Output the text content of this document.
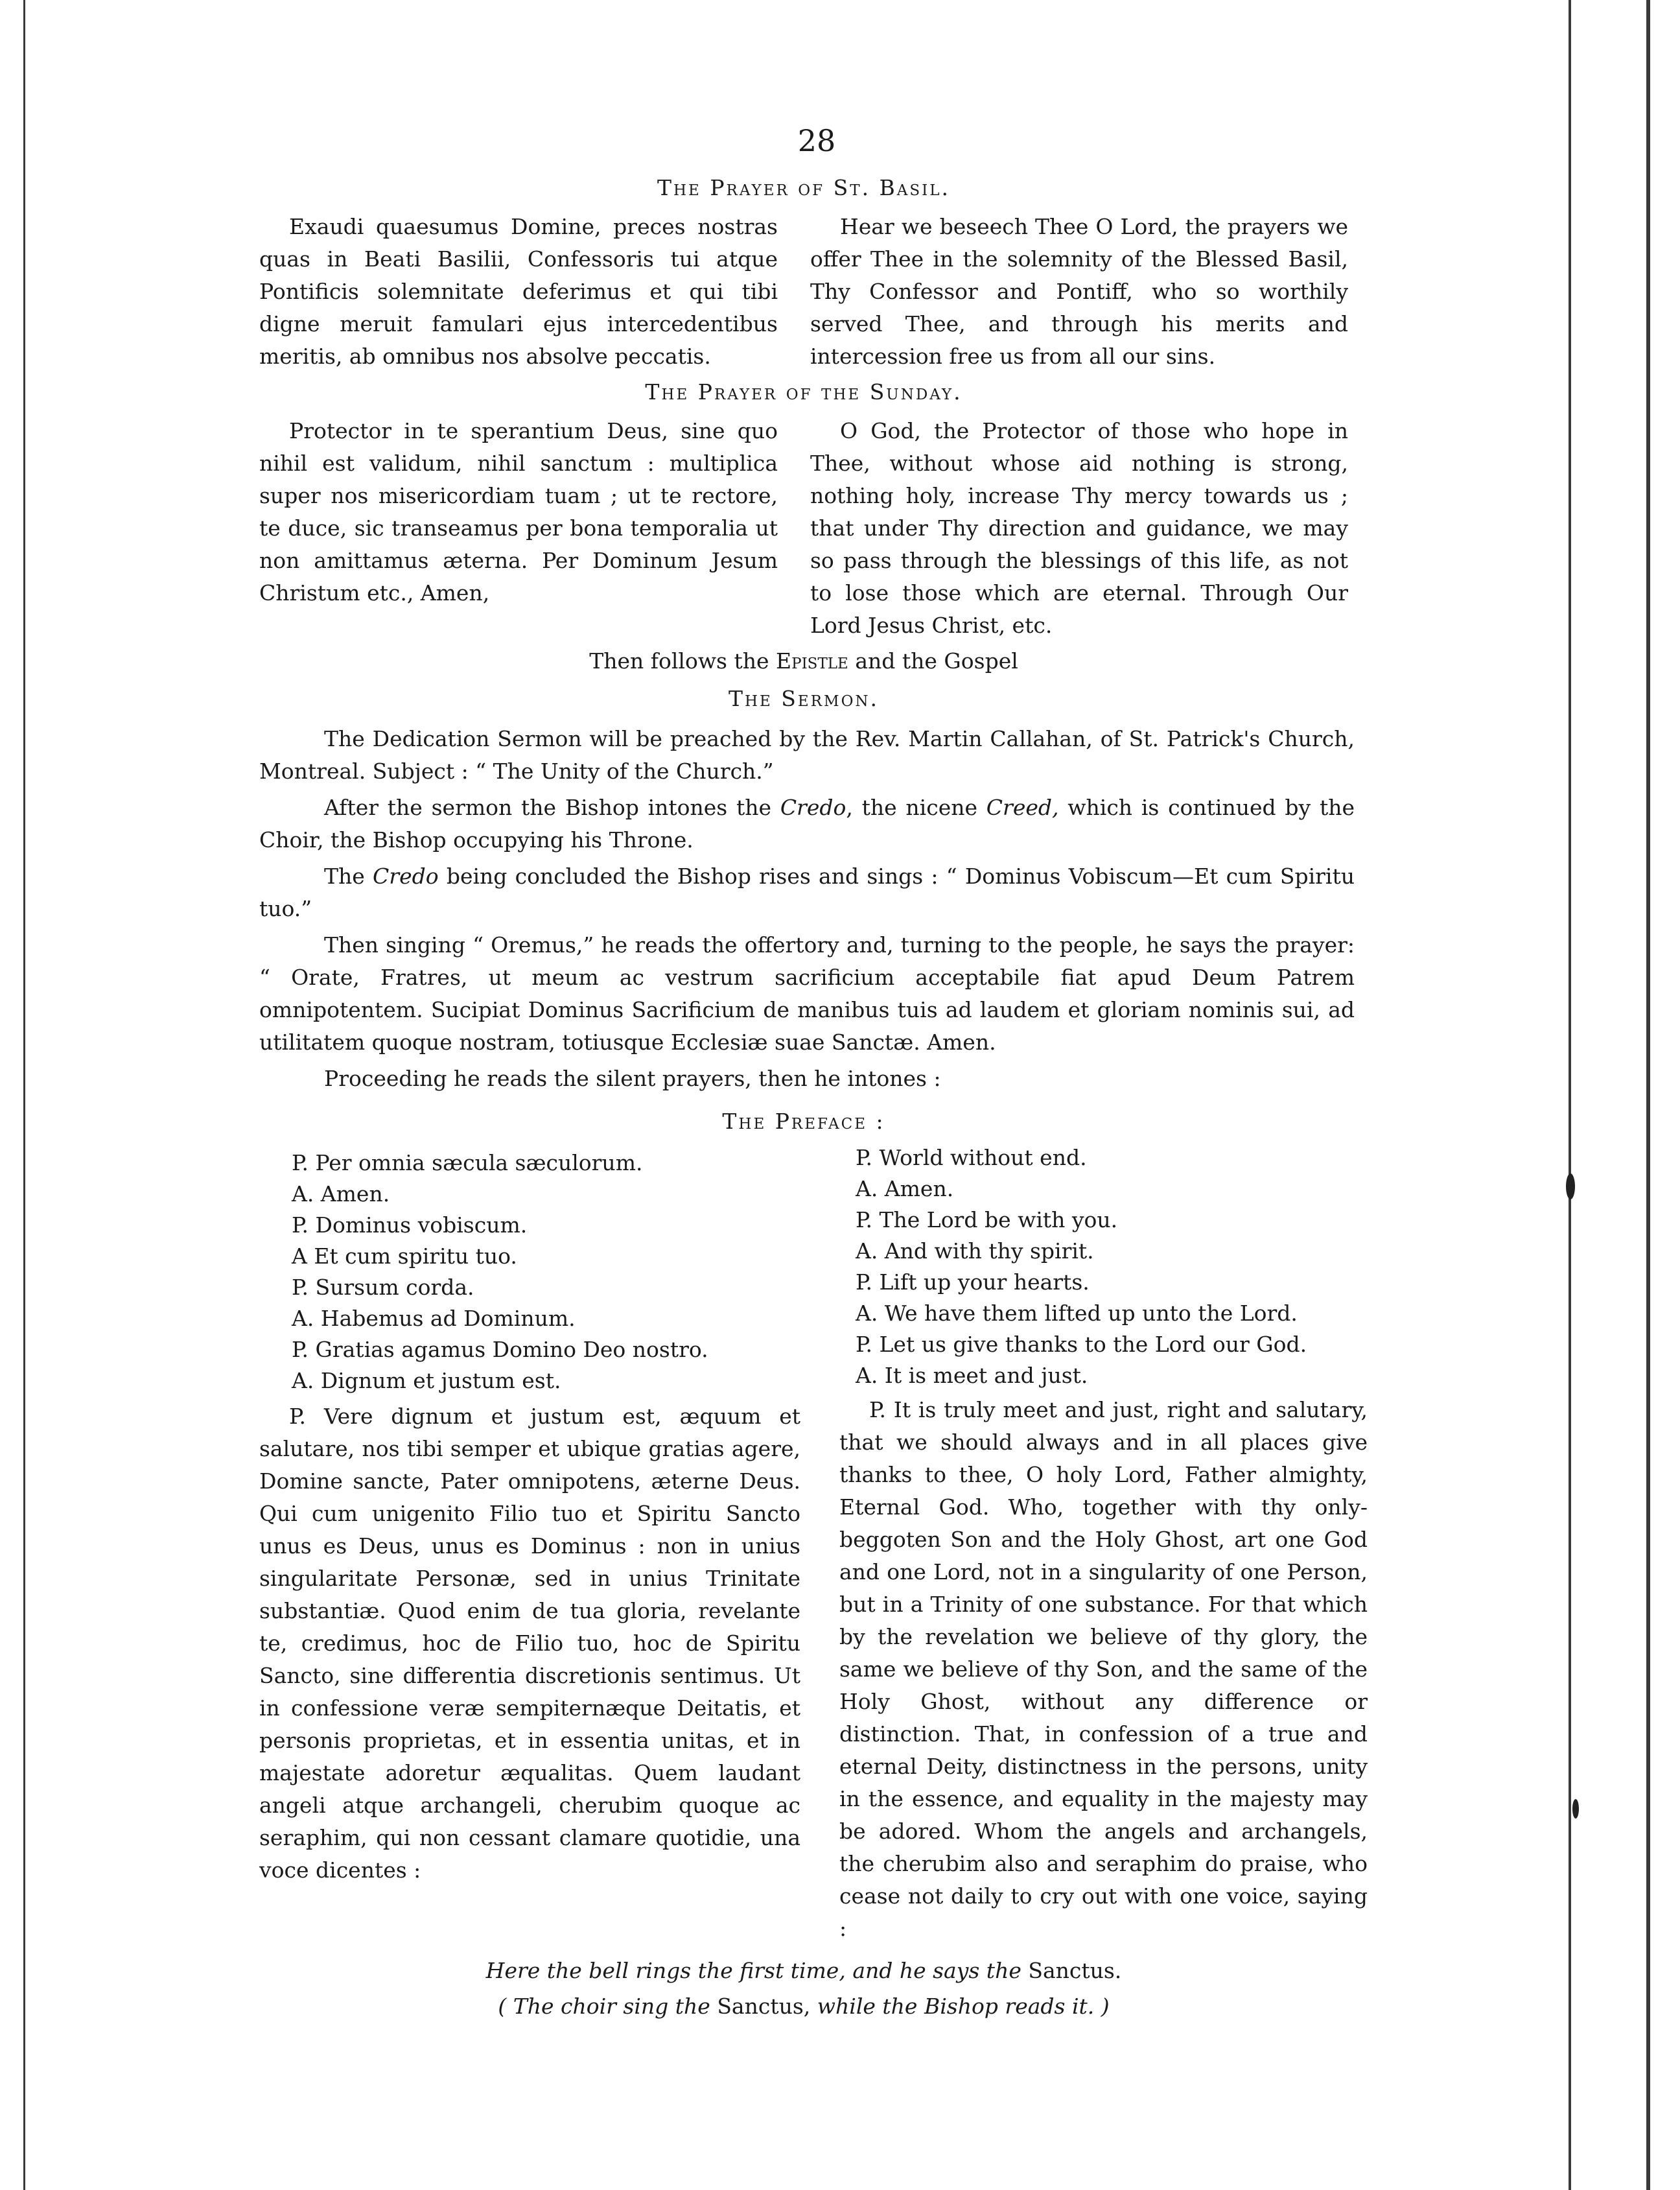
28
The Prayer of St. Basil.

Exaudi quaesumus Domine, preces nostras quas in Beati Basilii, Confessoris tui atque Pontificis solemnitate deferimus et qui tibi digne meruit famulari ejus intercedentibus meritis, ab omnibus nos absolve peccatis.

Hear we beseech Thee O Lord, the prayers we offer Thee in the solemnity of the Blessed Basil, Thy Confessor and Pontiff, who so worthily served Thee, and through his merits and intercession free us from all our sins.

The Prayer of the Sunday.

Protector in te sperantium Deus, sine quo nihil est validum, nihil sanctum : multiplica super nos misericordiam tuam ; ut te rectore, te duce, sic transeamus per bona temporalia ut non amittamus æterna. Per Dominum Jesum Christum etc., Amen,

O God, the Protector of those who hope in Thee, without whose aid nothing is strong, nothing holy, increase Thy mercy towards us ; that under Thy direction and guidance, we may so pass through the blessings of this life, as not to lose those which are eternal. Through Our Lord Jesus Christ, etc.

Then follows the Epistle and the Gospel
The Sermon.

The Dedication Sermon will be preached by the Rev. Martin Callahan, of St. Patrick's Church, Montreal. Subject : “ The Unity of the Church.”

After the sermon the Bishop intones the Credo, the nicene Creed, which is continued by the Choir, the Bishop occupying his Throne.

The Credo being concluded the Bishop rises and sings : “ Dominus Vobiscum—Et cum Spiritu tuo.”

Then singing “ Oremus,” he reads the offertory and, turning to the people, he says the prayer: “ Orate, Fratres, ut meum ac vestrum sacrificium acceptabile fiat apud Deum Patrem omnipotentem. Sucipiat Dominus Sacrificium de manibus tuis ad laudem et gloriam nominis sui, ad utilitatem quoque nostram, totiusque Ecclesiæ suae Sanctæ. Amen.

Proceeding he reads the silent prayers, then he intones :

The Preface :
P. Per omnia sæcula sæculorum.
A. Amen.
P. Dominus vobiscum.
A Et cum spiritu tuo.
P. Sursum corda.
A. Habemus ad Dominum.
P. Gratias agamus Domino Deo nostro.
A. Dignum et justum est.
P. World without end.
A. Amen.
P. The Lord be with you.
A. And with thy spirit.
P. Lift up your hearts.
A. We have them lifted up unto the Lord.
P. Let us give thanks to the Lord our God.
A. It is meet and just.

P. Vere dignum et justum est, æquum et salutare, nos tibi semper et ubique gratias agere, Domine sancte, Pater omnipotens, æterne Deus. Qui cum unigenito Filio tuo et Spiritu Sancto unus es Deus, unus es Dominus : non in unius singularitate Personæ, sed in unius Trinitate substantiæ. Quod enim de tua gloria, revelante te, credimus, hoc de Filio tuo, hoc de Spiritu Sancto, sine differentia discretionis sentimus. Ut in confessione veræ sempiternæque Deitatis, et personis proprietas, et in essentia unitas, et in majestate adoretur æqualitas. Quem laudant angeli atque archangeli, cherubim quoque ac seraphim, qui non cessant clamare quotidie, una voce dicentes :

P. It is truly meet and just, right and salutary, that we should always and in all places give thanks to thee, O holy Lord, Father almighty, Eternal God. Who, together with thy only-beggoten Son and the Holy Ghost, art one God and one Lord, not in a singularity of one Person, but in a Trinity of one substance. For that which by the revelation we believe of thy glory, the same we believe of thy Son, and the same of the Holy Ghost, without any difference or distinction. That, in confession of a true and eternal Deity, distinctness in the persons, unity in the essence, and equality in the majesty may be adored. Whom the angels and archangels, the cherubim also and seraphim do praise, who cease not daily to cry out with one voice, saying :

Here the bell rings the first time, and he says the Sanctus.
( The choir sing the Sanctus, while the Bishop reads it. )
